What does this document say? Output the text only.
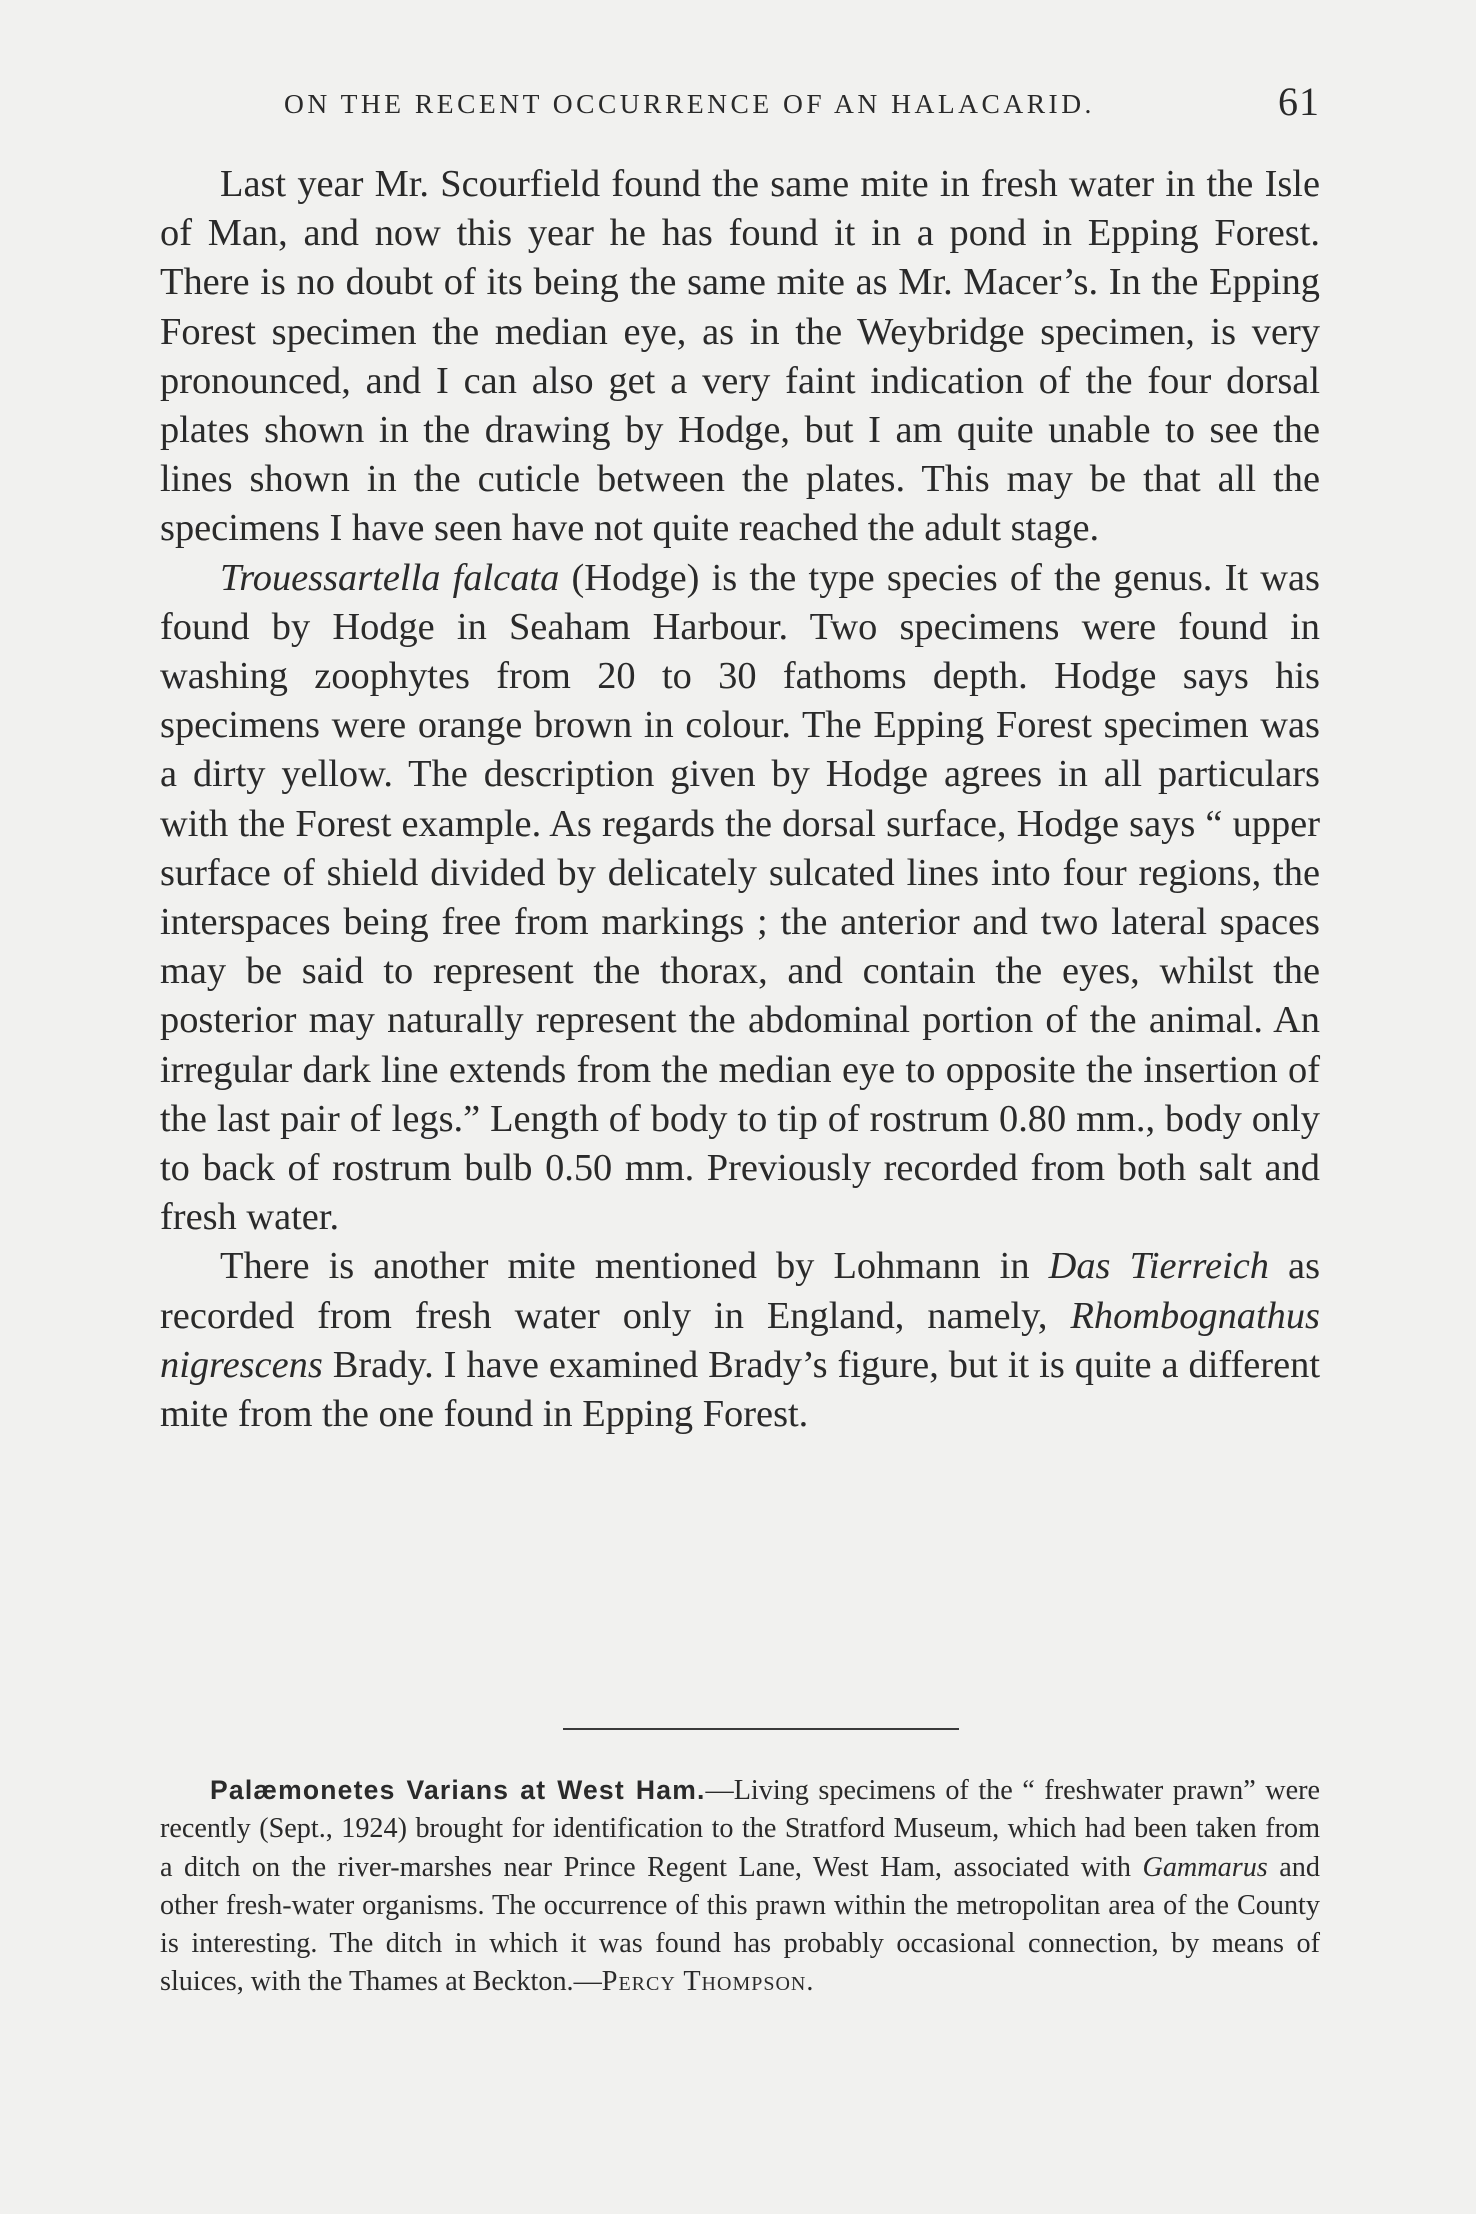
ON THE RECENT OCCURRENCE OF AN HALACARID.	61

Last year Mr. Scourfield found the same mite in fresh water in the Isle of Man, and now this year he has found it in a pond in Epping Forest. There is no doubt of its being the same mite as Mr. Macer’s. In the Epping Forest specimen the median eye, as in the Weybridge specimen, is very pronounced, and I can also get a very faint indication of the four dorsal plates shown in the drawing by Hodge, but I am quite unable to see the lines shown in the cuticle between the plates. This may be that all the specimens I have seen have not quite reached the adult stage.

Trouessartella falcata (Hodge) is the type species of the genus. It was found by Hodge in Seaham Harbour. Two specimens were found in washing zoophytes from 20 to 30 fathoms depth. Hodge says his specimens were orange brown in colour. The Epping Forest specimen was a dirty yellow. The description given by Hodge agrees in all particulars with the Forest example. As regards the dorsal surface, Hodge says “ upper surface of shield divided by delicately sulcated lines into four regions, the interspaces being free from markings ; the anterior and two lateral spaces may be said to represent the thorax, and contain the eyes, whilst the posterior may naturally represent the abdominal portion of the animal. An irregular dark line extends from the median eye to opposite the insertion of the last pair of legs.” Length of body to tip of rostrum 0.80 mm., body only to back of rostrum bulb 0.50 mm. Previously recorded from both salt and fresh water.

There is another mite mentioned by Lohmann in Das Tierreich as recorded from fresh water only in England, namely, Rhombognathus nigrescens Brady. I have examined Brady’s figure, but it is quite a different mite from the one found in Epping Forest.

Palæmonetes Varians at West Ham.—Living specimens of the “ freshwater prawn” were recently (Sept., 1924) brought for identification to the Stratford Museum, which had been taken from a ditch on the river-marshes near Prince Regent Lane, West Ham, associated with Gammarus and other fresh-water organisms. The occurrence of this prawn within the metropolitan area of the County is interesting. The ditch in which it was found has probably occasional connection, by means of sluices, with the Thames at Beckton.—Percy Thompson.
